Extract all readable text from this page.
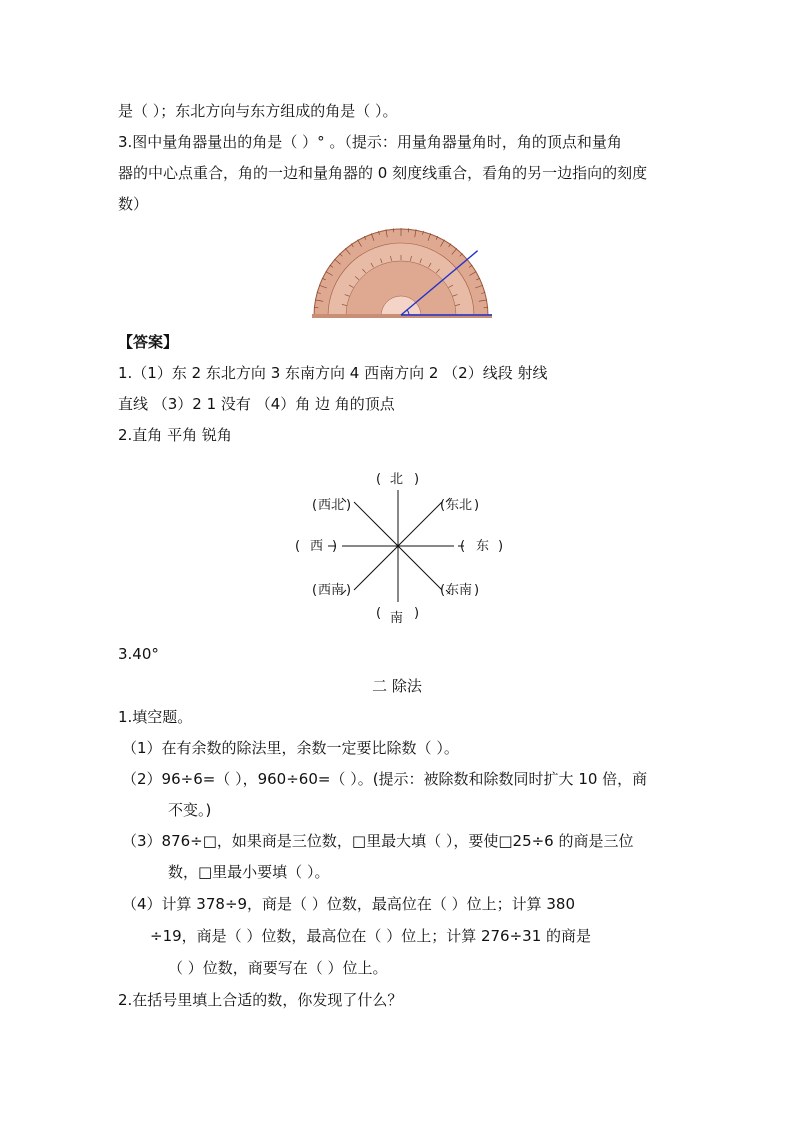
是（ ）；东北方向与东方组成的角是（ ）。
3.图中量角器量出的角是（ ）° 。（提示：用量角器量角时，角的顶点和量角
器的中心点重合，角的一边和量角器的 0 刻度线重合，看角的另一边指向的刻度
数）
【答案】
1.（1）东 2 东北方向 3 东南方向 4 西南方向 2 （2）线段 射线
直线 （3）2 1 没有 （4）角 边 角的顶点
2.直角 平角 锐角
( 北 )
( 南 )
( 西 )	( 东 )
( 西北 )	( 东北 )
( 西南 )	( 东南 )
3.40°
二 除法
1.填空题。
（1）在有余数的除法里，余数一定要比除数（ ）。
（2）96÷6=（ ），960÷60=（ ）。(提示：被除数和除数同时扩大 10 倍，商
不变。)
（3）876÷□，如果商是三位数，□里最大填（ ），要使□25÷6 的商是三位
数，□里最小要填（ ）。
（4）计算 378÷9，商是（ ）位数，最高位在（ ）位上；计算 380
÷19，商是（ ）位数，最高位在（ ）位上；计算 276÷31 的商是
（ ）位数，商要写在（ ）位上。
2.在括号里填上合适的数，你发现了什么？
